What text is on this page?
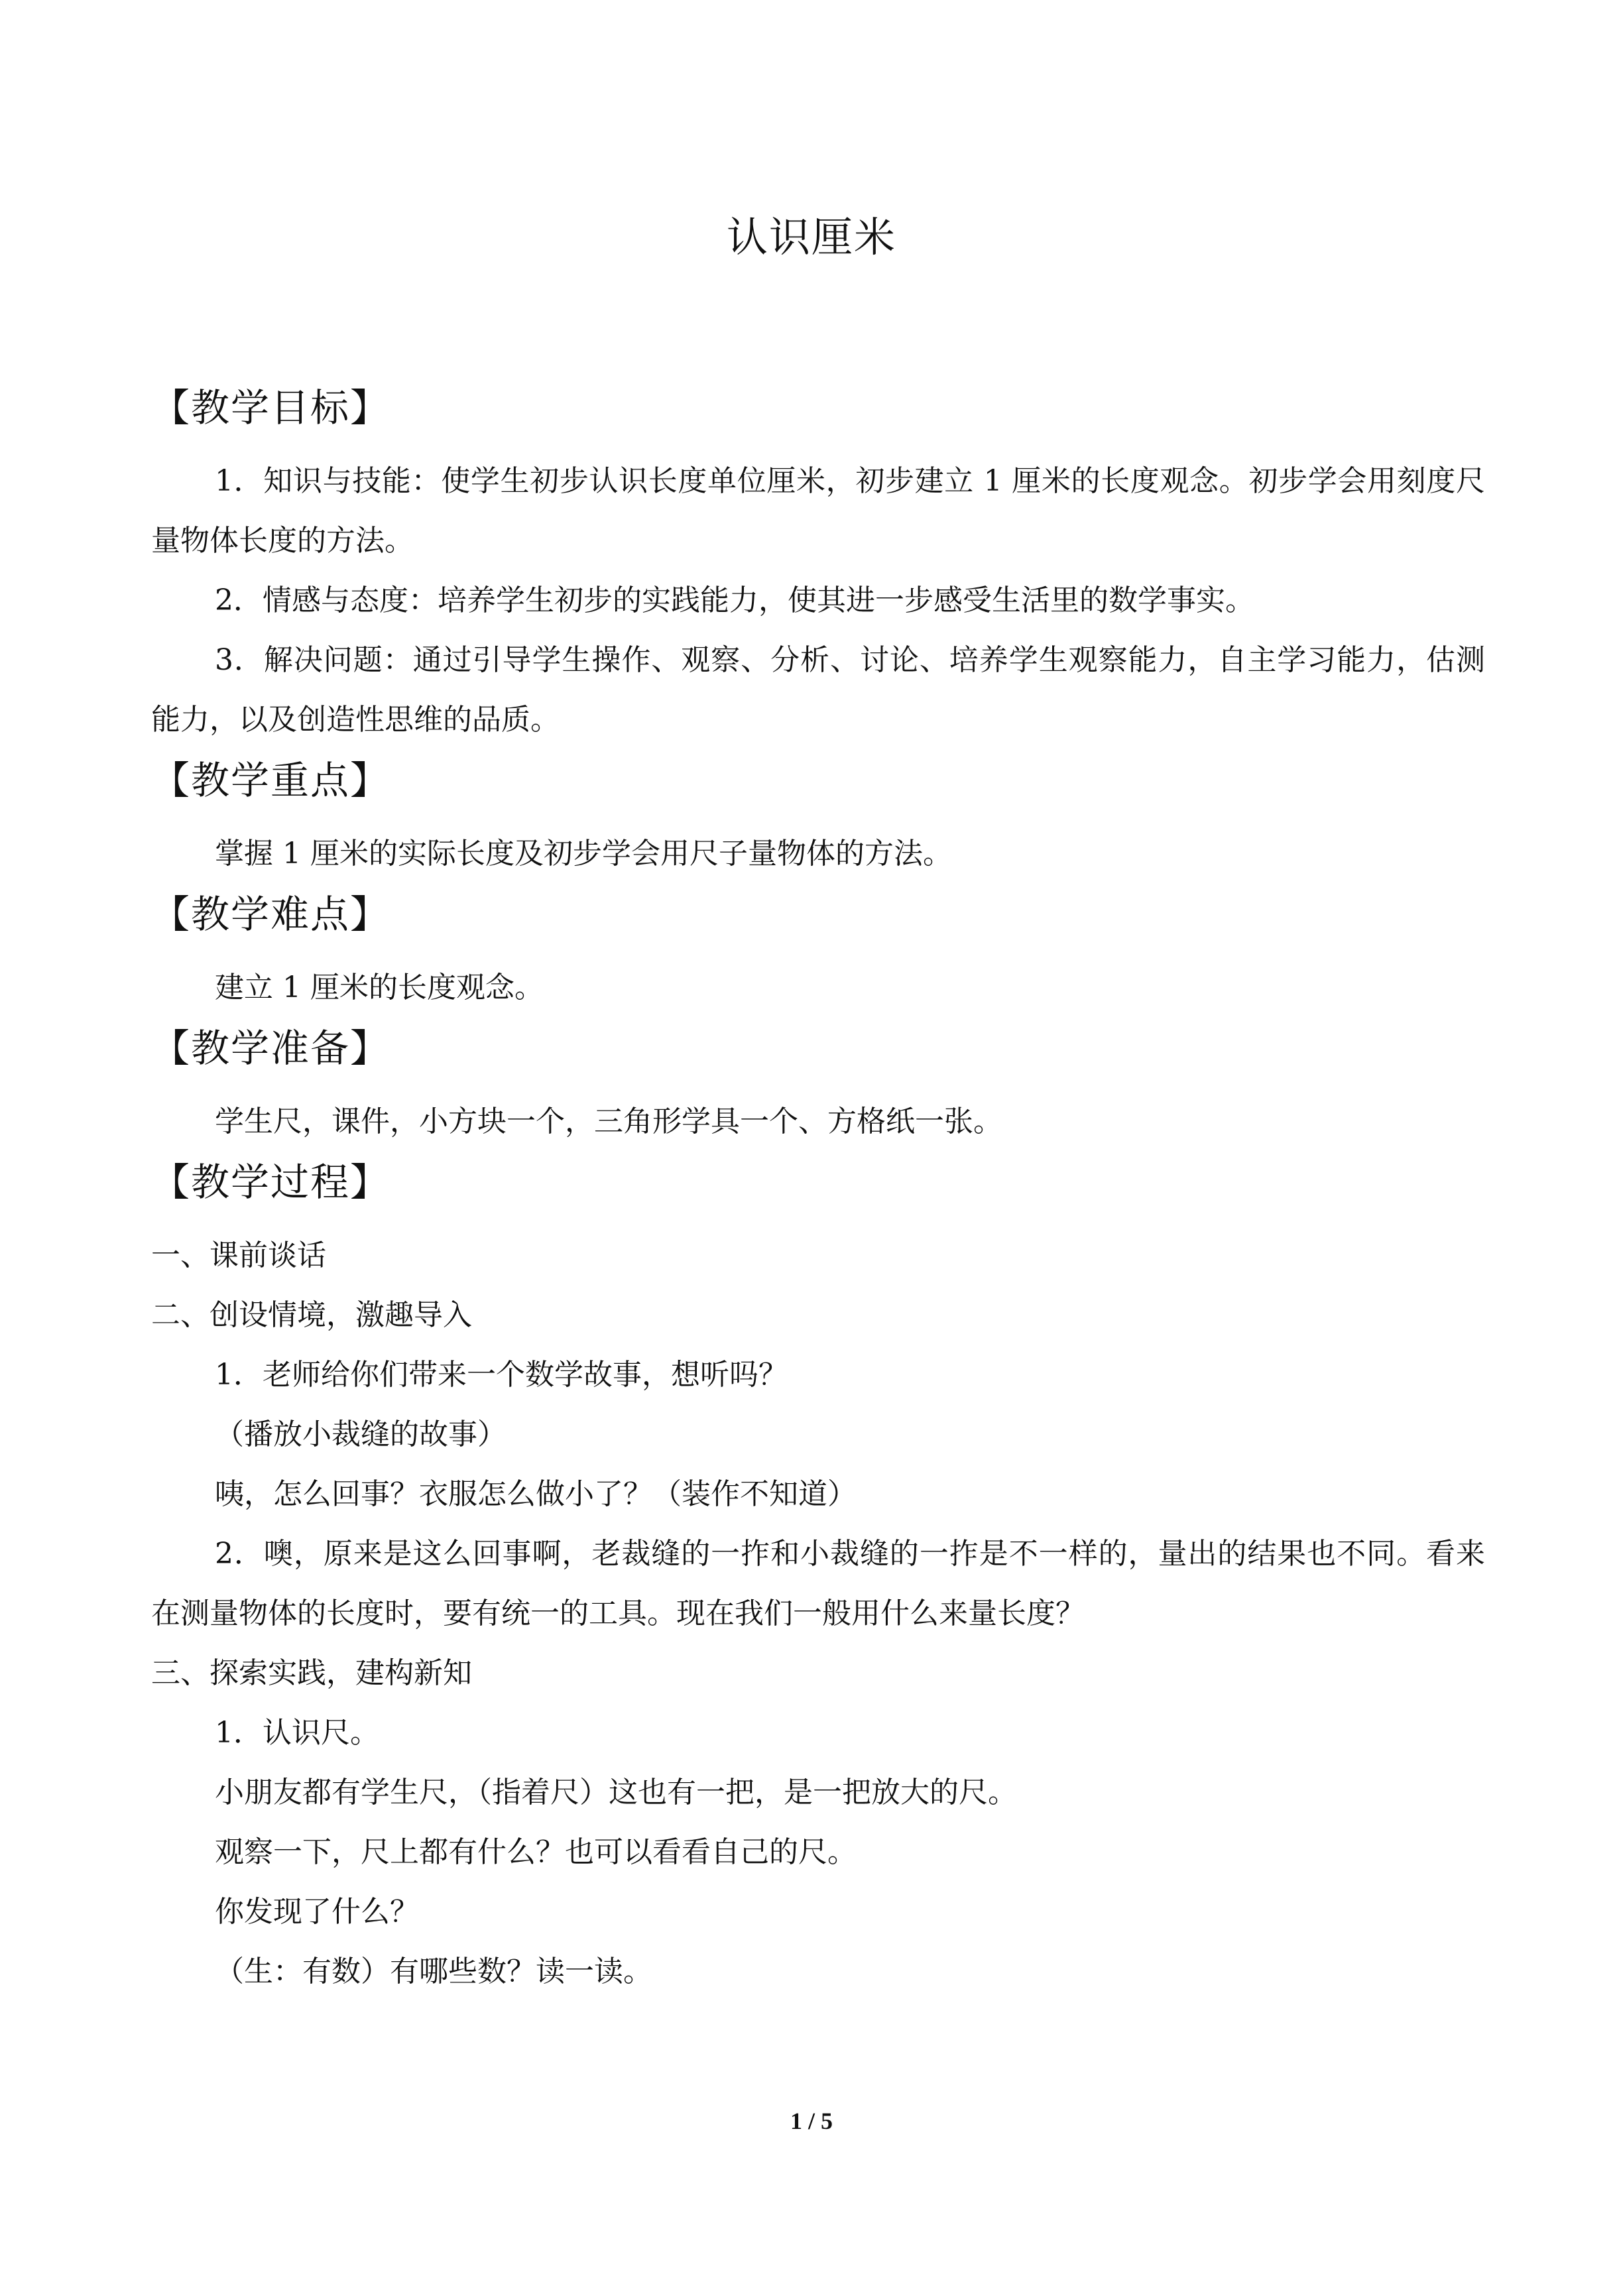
认识厘米
【教学目标】

1．知识与技能：使学生初步认识长度单位厘米，初步建立 1 厘米的长度观念。初步学会用刻度尺量物体长度的方法。

2．情感与态度：培养学生初步的实践能力，使其进一步感受生活里的数学事实。

3．解决问题：通过引导学生操作、观察、分析、讨论、培养学生观察能力，自主学习能力，估测能力，以及创造性思维的品质。

【教学重点】

掌握 1 厘米的实际长度及初步学会用尺子量物体的方法。

【教学难点】

建立 1 厘米的长度观念。

【教学准备】

学生尺，课件，小方块一个，三角形学具一个、方格纸一张。

【教学过程】

一、课前谈话

二、创设情境，激趣导入

1．老师给你们带来一个数学故事，想听吗？

（播放小裁缝的故事）

咦，怎么回事？衣服怎么做小了？（装作不知道）

2．噢，原来是这么回事啊，老裁缝的一拃和小裁缝的一拃是不一样的，量出的结果也不同。看来在测量物体的长度时，要有统一的工具。现在我们一般用什么来量长度？

三、探索实践，建构新知

1．认识尺。

小朋友都有学生尺，（指着尺）这也有一把，是一把放大的尺。

观察一下，尺上都有什么？也可以看看自己的尺。

你发现了什么？

（生：有数）有哪些数？读一读。

1 / 5
